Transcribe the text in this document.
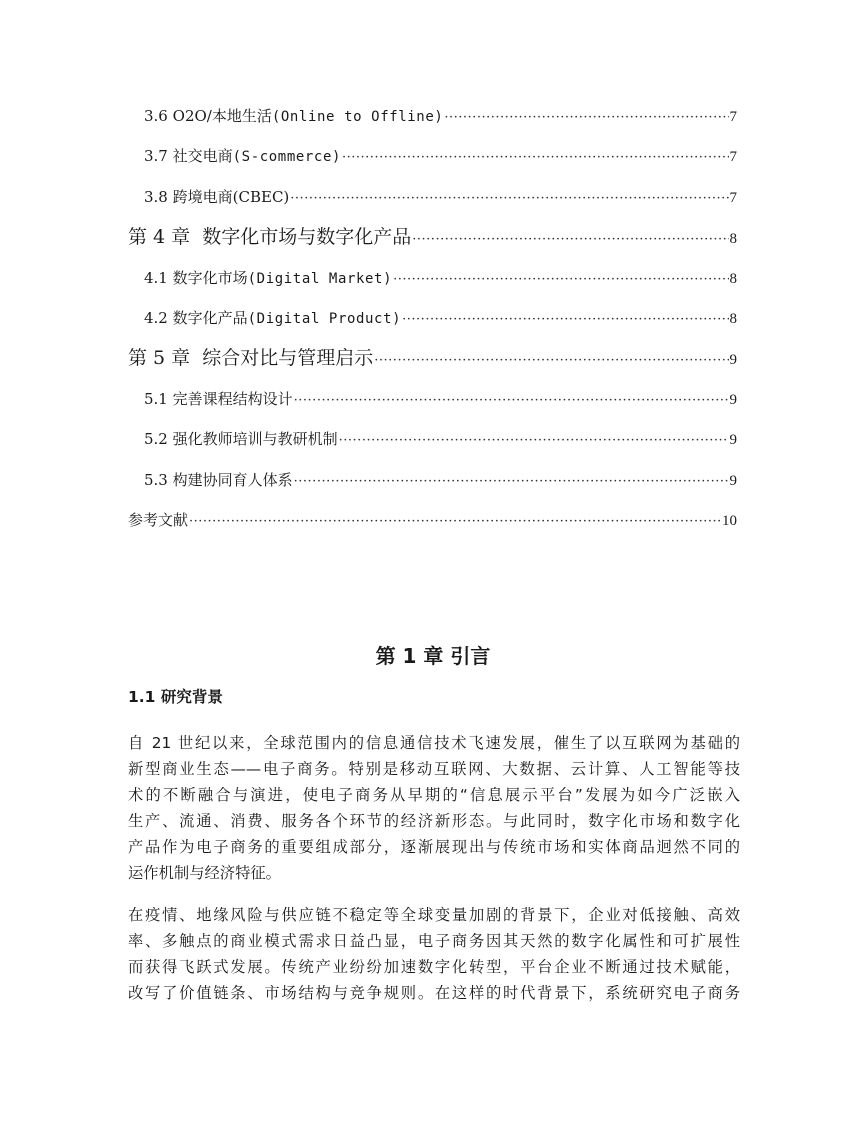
3.6 O2O/本地生活(Online to Offline) ·····	7
3.7 社交电商(S-commerce) ·····	7
3.8 跨境电商(CBEC) ·····	7
第 4 章 数字化市场与数字化产品 ·····	8
4.1 数字化市场(Digital Market) ·····	8
4.2 数字化产品(Digital Product) ·····	8
第 5 章 综合对比与管理启示 ·····	9
5.1 完善课程结构设计 ·····	9
5.2 强化教师培训与教研机制 ·····	9
5.3 构建协同育人体系 ·····	9
参考文献 ·····	10
第 1 章 引言
1.1 研究背景

自 21 世纪以来，全球范围内的信息通信技术飞速发展，催生了以互联网为基础的
新型商业生态——电子商务。特别是移动互联网、大数据、云计算、人工智能等技
术的不断融合与演进，使电子商务从早期的“信息展示平台”发展为如今广泛嵌入
生产、流通、消费、服务各个环节的经济新形态。与此同时，数字化市场和数字化
产品作为电子商务的重要组成部分，逐渐展现出与传统市场和实体商品迥然不同的
运作机制与经济特征。

在疫情、地缘风险与供应链不稳定等全球变量加剧的背景下，企业对低接触、高效
率、多触点的商业模式需求日益凸显，电子商务因其天然的数字化属性和可扩展性
而获得飞跃式发展。传统产业纷纷加速数字化转型，平台企业不断通过技术赋能，
改写了价值链条、市场结构与竞争规则。在这样的时代背景下，系统研究电子商务
